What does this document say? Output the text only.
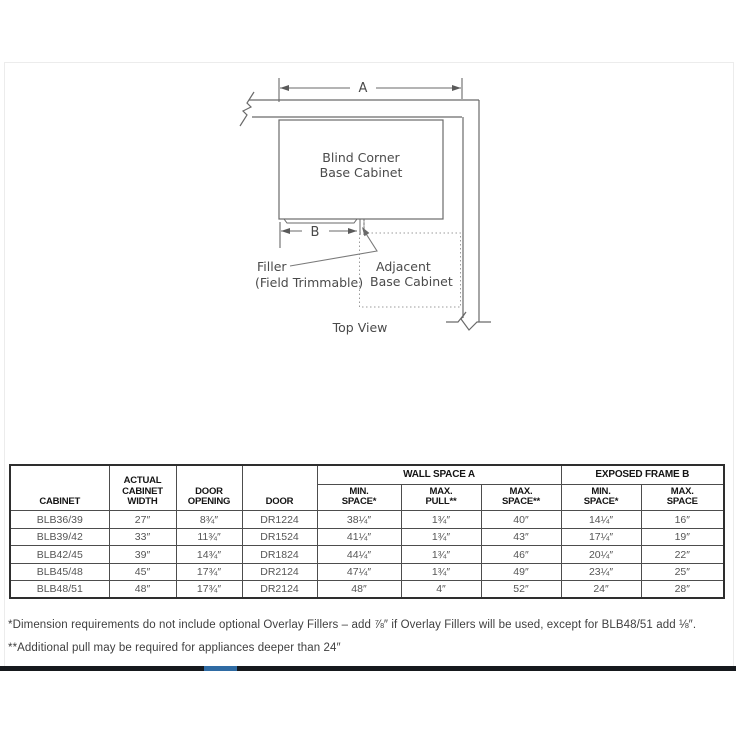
A
Blind Corner
Base Cabinet
B
Adjacent
Base Cabinet
Filler
(Field Trimmable)
Top View
CABINET	ACTUAL CABINET WIDTH	DOOR OPENING	DOOR	WALL SPACE A			EXPOSED FRAME B	

				MIN. SPACE*	MAX. PULL**	MAX. SPACE**	MIN. SPACE*	MAX. SPACE

BLB36/39	27″	8¾″	DR1224	38¼″	1¾″	40″	14¼″	16″
BLB39/42	33″	11¾″	DR1524	41¼″	1¾″	43″	17¼″	19″
BLB42/45	39″	14¾″	DR1824	44¼″	1¾″	46″	20¼″	22″
BLB45/48	45″	17¾″	DR2124	47¼″	1¾″	49″	23¼″	25″
BLB48/51	48″	17¾″	DR2124	48″	4″	52″	24″	28″
*Dimension requirements do not include optional Overlay Fillers – add ⅞″ if Overlay Fillers will be used, except for BLB48/51 add ⅛″.
**Additional pull may be required for appliances deeper than 24″
